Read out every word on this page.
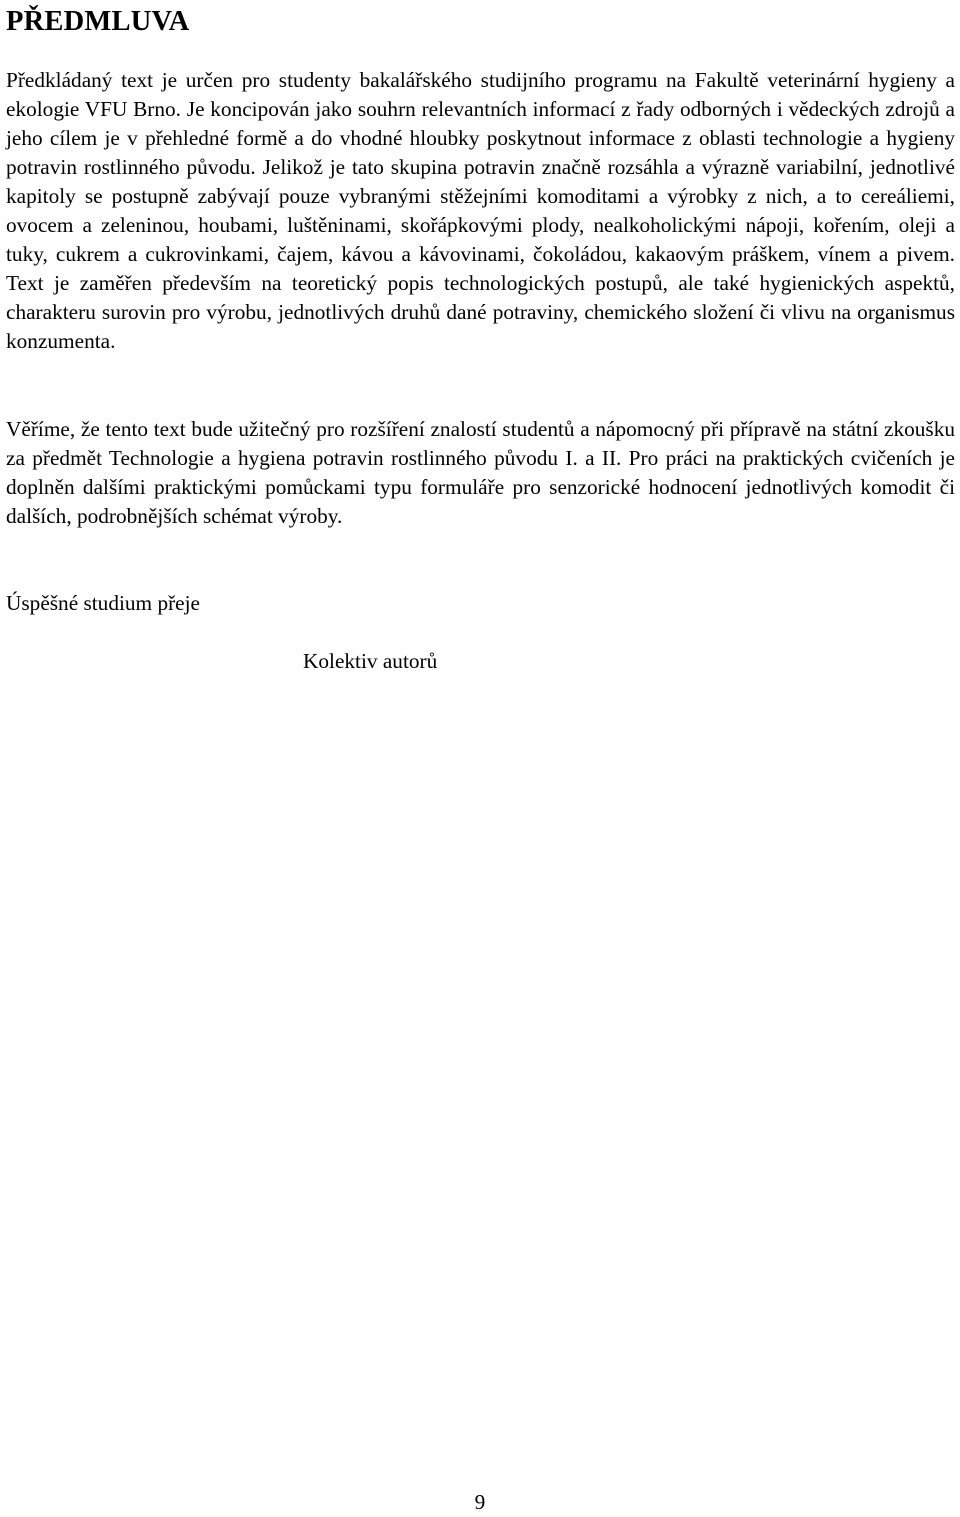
PŘEDMLUVA

Předkládaný text je určen pro studenty bakalářského studijního programu na Fakultě veterinární hygieny a ekologie VFU Brno. Je koncipován jako souhrn relevantních informací z řady odborných i vědeckých zdrojů a jeho cílem je v přehledné formě a do vhodné hloubky poskytnout informace z oblasti technologie a hygieny potravin rostlinného původu. Jelikož je tato skupina potravin značně rozsáhla a výrazně variabilní, jednotlivé kapitoly se postupně zabývají pouze vybranými stěžejními komoditami a výrobky z nich, a to cereáliemi, ovocem a zeleninou, houbami, luštěninami, skořápkovými plody, nealkoholickými nápoji, kořením, oleji a tuky, cukrem a cukrovinkami, čajem, kávou a kávovinami, čokoládou, kakaovým práškem, vínem a pivem. Text je zaměřen především na teoretický popis technologických postupů, ale také hygienických aspektů, charakteru surovin pro výrobu, jednotlivých druhů dané potraviny, chemického složení či vlivu na organismus konzumenta.

Věříme, že tento text bude užitečný pro rozšíření znalostí studentů a nápomocný při přípravě na státní zkoušku za předmět Technologie a hygiena potravin rostlinného původu I. a II. Pro práci na praktických cvičeních je doplněn dalšími praktickými pomůckami typu formuláře pro senzorické hodnocení jednotlivých komodit či dalších, podrobnějších schémat výroby.

Úspěšné studium přeje

Kolektiv autorů

9
